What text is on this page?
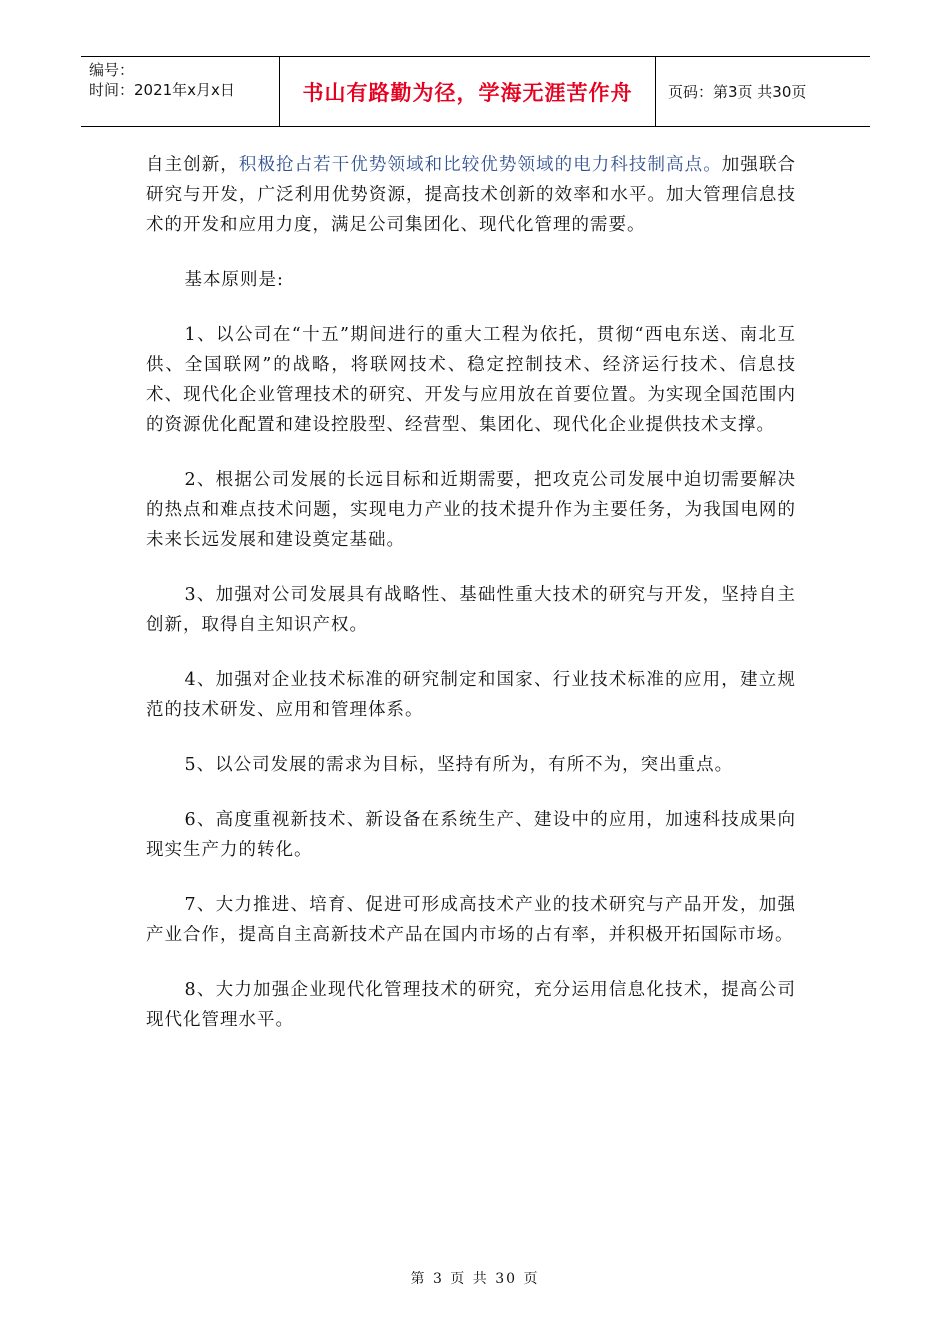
编号：
时间：2021年x月x日	书山有路勤为径，学海无涯苦作舟	页码：第3页 共30页

自主创新，积极抢占若干优势领域和比较优势领域的电力科技制高点。加强联合研究与开发，广泛利用优势资源，提高技术创新的效率和水平。加大管理信息技术的开发和应用力度，满足公司集团化、现代化管理的需要。

基本原则是:

1、以公司在“十五”期间进行的重大工程为依托，贯彻“西电东送、南北互供、全国联网”的战略，将联网技术、稳定控制技术、经济运行技术、信息技术、现代化企业管理技术的研究、开发与应用放在首要位置。为实现全国范围内的资源优化配置和建设控股型、经营型、集团化、现代化企业提供技术支撑。

2、根据公司发展的长远目标和近期需要，把攻克公司发展中迫切需要解决的热点和难点技术问题，实现电力产业的技术提升作为主要任务，为我国电网的未来长远发展和建设奠定基础。

3、加强对公司发展具有战略性、基础性重大技术的研究与开发，坚持自主创新，取得自主知识产权。

4、加强对企业技术标准的研究制定和国家、行业技术标准的应用，建立规范的技术研发、应用和管理体系。

5、以公司发展的需求为目标，坚持有所为，有所不为，突出重点。

6、高度重视新技术、新设备在系统生产、建设中的应用，加速科技成果向现实生产力的转化。

7、大力推进、培育、促进可形成高技术产业的技术研究与产品开发，加强产业合作，提高自主高新技术产品在国内市场的占有率，并积极开拓国际市场。

8、大力加强企业现代化管理技术的研究，充分运用信息化技术，提高公司现代化管理水平。

第 3 页 共 30 页
